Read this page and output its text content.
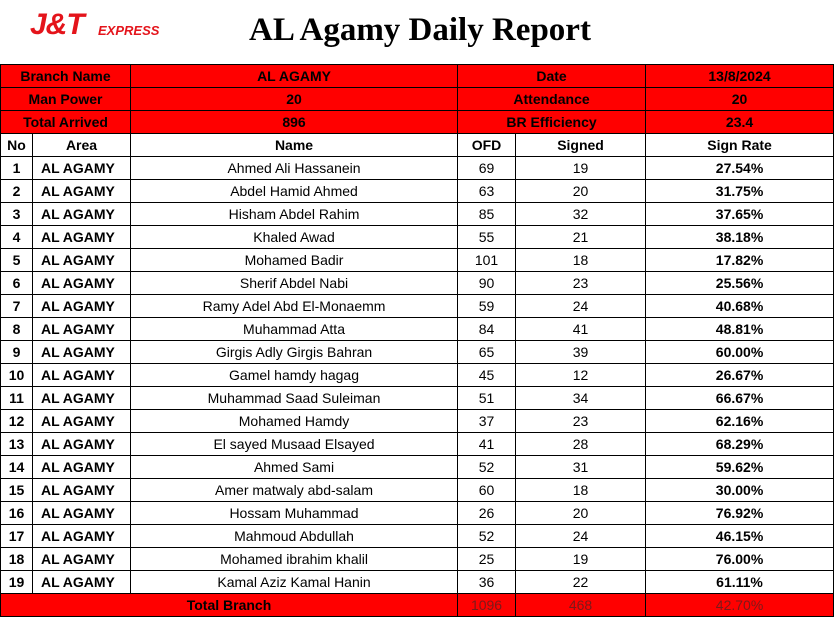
J&T EXPRESS	AL Agamy Daily Report
Branch Name		AL AGAMY	Date		13/8/2024
Man Power		20	Attendance		20
Total Arrived		896	BR Efficiency		23.4
No	Area	Name	OFD	Signed	Sign Rate
1	AL AGAMY	Ahmed Ali Hassanein	69	19	27.54%
2	AL AGAMY	Abdel Hamid Ahmed	63	20	31.75%
3	AL AGAMY	Hisham Abdel Rahim	85	32	37.65%
4	AL AGAMY	Khaled Awad	55	21	38.18%
5	AL AGAMY	Mohamed Badir	101	18	17.82%
6	AL AGAMY	Sherif Abdel Nabi	90	23	25.56%
7	AL AGAMY	Ramy Adel Abd El-Monaemm	59	24	40.68%
8	AL AGAMY	Muhammad Atta	84	41	48.81%
9	AL AGAMY	Girgis Adly Girgis Bahran	65	39	60.00%
10	AL AGAMY	Gamel hamdy hagag	45	12	26.67%
11	AL AGAMY	Muhammad Saad Suleiman	51	34	66.67%
12	AL AGAMY	Mohamed Hamdy	37	23	62.16%
13	AL AGAMY	El sayed Musaad Elsayed	41	28	68.29%
14	AL AGAMY	Ahmed Sami	52	31	59.62%
15	AL AGAMY	Amer matwaly abd-salam	60	18	30.00%
16	AL AGAMY	Hossam Muhammad	26	20	76.92%
17	AL AGAMY	Mahmoud Abdullah	52	24	46.15%
18	AL AGAMY	Mohamed ibrahim khalil	25	19	76.00%
19	AL AGAMY	Kamal Aziz Kamal Hanin	36	22	61.11%
Total Branch			1096	468	42.70%
